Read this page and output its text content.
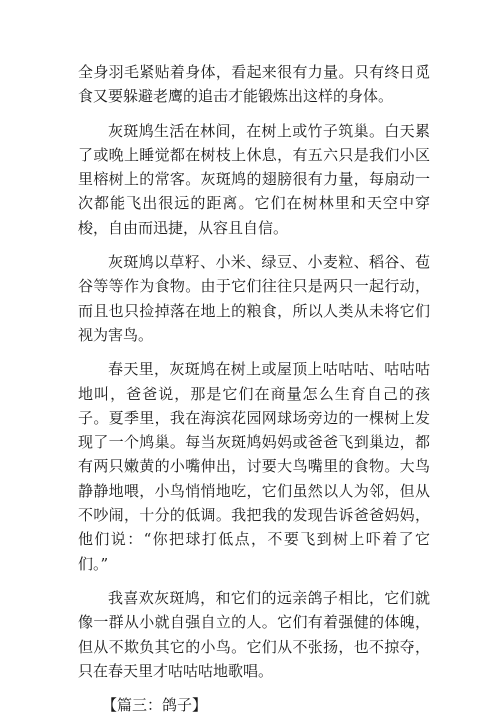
全身羽毛紧贴着身体，看起来很有力量。只有终日觅食又要躲避老鹰的追击才能锻炼出这样的身体。

灰斑鸠生活在林间，在树上或竹子筑巢。白天累了或晚上睡觉都在树枝上休息，有五六只是我们小区里榕树上的常客。灰斑鸠的翅膀很有力量，每扇动一次都能飞出很远的距离。它们在树林里和天空中穿梭，自由而迅捷，从容且自信。

灰斑鸠以草籽、小米、绿豆、小麦粒、稻谷、苞谷等等作为食物。由于它们往往只是两只一起行动，而且也只捡掉落在地上的粮食，所以人类从未将它们视为害鸟。

春天里，灰斑鸠在树上或屋顶上咕咕咕、咕咕咕地叫，爸爸说，那是它们在商量怎么生育自己的孩子。夏季里，我在海滨花园网球场旁边的一棵树上发现了一个鸠巢。每当灰斑鸠妈妈或爸爸飞到巢边，都有两只嫩黄的小嘴伸出，讨要大鸟嘴里的食物。大鸟静静地喂，小鸟悄悄地吃，它们虽然以人为邻，但从不吵闹，十分的低调。我把我的发现告诉爸爸妈妈，他们说：“你把球打低点，不要飞到树上吓着了它们。”

我喜欢灰斑鸠，和它们的远亲鸽子相比，它们就像一群从小就自强自立的人。它们有着强健的体魄，但从不欺负其它的小鸟。它们从不张扬，也不掠夺，只在春天里才咕咕咕地歌唱。

【篇三：鸽子】
